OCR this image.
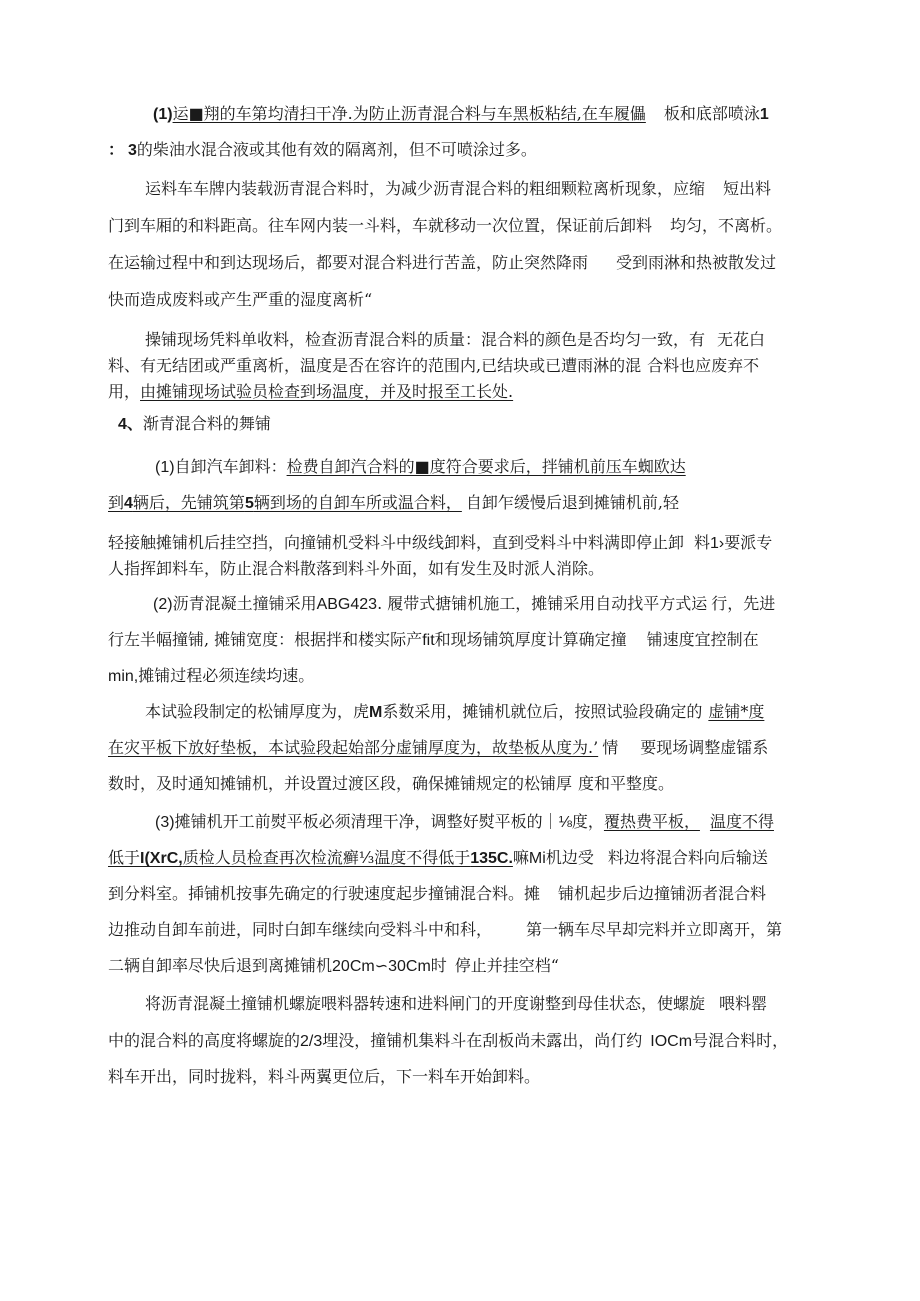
(1)运■翔的车第均清扫干净.为防止沥青混合料与车黑板粘结,在车履儡 板和底部喷泳1
： 3的柴油水混合液或其他有效的隔离剂，但不可喷涂过多。
运料车车牌内装载沥青混合料时，为减少沥青混合料的粗细颗粒离析现象，应缩 短出料
门到车厢的和料距高。往车网内装一斗料，车就移动一次位置，保证前后卸料 均匀，不离析。
在运输过程中和到达现场后，都要对混合料进行苦盖，防止突然降雨 受到雨淋和热被散发过
快而造成废料或产生严重的湿度离析“
操铺现场凭料单收料，检查沥青混合料的质量：混合料的颜色是否均匀一致，有 无花白
料、有无结团或严重离析，温度是否在容许的范围内,已结块或已遭雨淋的混 合料也应废弃不
用，由摊铺现场试验员检查到场温度，并及时报至工长处.
4、渐青混合料的舞铺
(1)自卸汽车卸料：检费自卸汽合料的■度符合要求后，拌铺机前压车蜘欧达
到4辆后，先铺筑第5辆到场的自卸车所或温合料， 自卸乍缓慢后退到摊铺机前,轻
轻接触摊铺机后挂空挡，向撞铺机受料斗中级线卸料，直到受料斗中料满即停止卸 料1›要派专
人指挥卸料车，防止混合料散落到料斗外面，如有发生及时派人消除。
(2)沥青混凝土撞铺采用ABG423. 履带式搪铺机施工，摊铺采用自动找平方式运 行，先进
行左半幅撞铺, 摊铺宽度：根据拌和楼实际产fit和现场铺筑厚度计算确定撞 铺速度宜控制在
min,摊铺过程必须连续均速。
本试验段制定的松铺厚度为，虎M系数采用，摊铺机就位后，按照试验段确定的 虚铺*度
在灾平板下放好垫板，本试验段起始部分虚铺厚度为，故垫板从度为.’ 情 要现场调整虚镭系
数时，及时通知摊铺机，并设置过渡区段，确保摊铺规定的松铺厚 度和平整度。
(3)摊铺机开工前熨平板必须清理干净，调整好熨平板的｜⅛度，覆热费平板， 温度不得
低于I(XrC,质检人员检查再次检流癣⅓温度不得低于135C.嘛Mi机边受 料边将混合料向后输送
到分料室。揷铺机按事先确定的行驶速度起步撞铺混合料。摊 铺机起步后边撞铺沥者混合料
边推动自卸车前进，同时白卸车继续向受料斗中和科， 第一辆车尽早却完料并立即离开，第
二辆自卸率尽快后退到离摊铺机20Cm∽30Cm时 停止并挂空档“
将沥青混凝土撞铺机螺旋喂料器转速和进料闸门的开度谢整到母佳状态，使螺旋 喂料罂
中的混合料的高度将螺旋的2/3埋没，撞铺机集料斗在刮板尚未露出，尚仃约 IOCm号混合料时，
料车开出，同时拢料，料斗两翼更位后，下一料车开始卸料。
